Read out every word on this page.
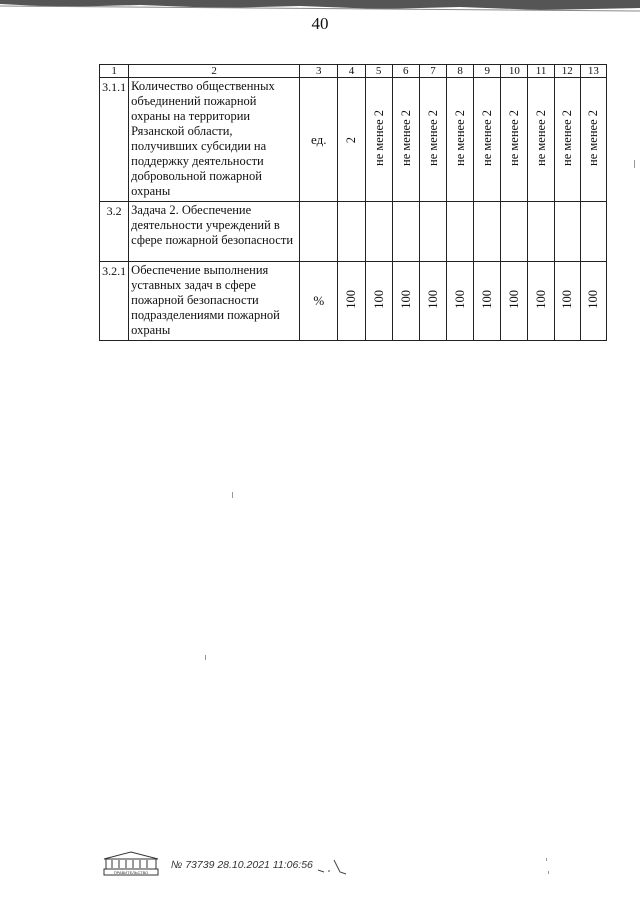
40
1	2	3	4	5	6	7	8	9	10	11	12	13
3.1.1	Количество общественных объединений пожарной охраны на территории Рязанской области, получивших субсидии на поддержку деятельности добровольной пожарной охраны	ед.	2	не менее 2	не менее 2	не менее 2	не менее 2	не менее 2	не менее 2	не менее 2	не менее 2	не менее 2
3.2	Задача 2. Обеспечение деятельности учреждений в сфере пожарной безопасности											
3.2.1	Обеспечение выполнения уставных задач в сфере пожарной безопасности подразделениями пожарной охраны	%	100	100	100	100	100	100	100	100	100	100
ПРАВИТЕЛЬСТВО
№ 73739 28.10.2021 11:06:56
